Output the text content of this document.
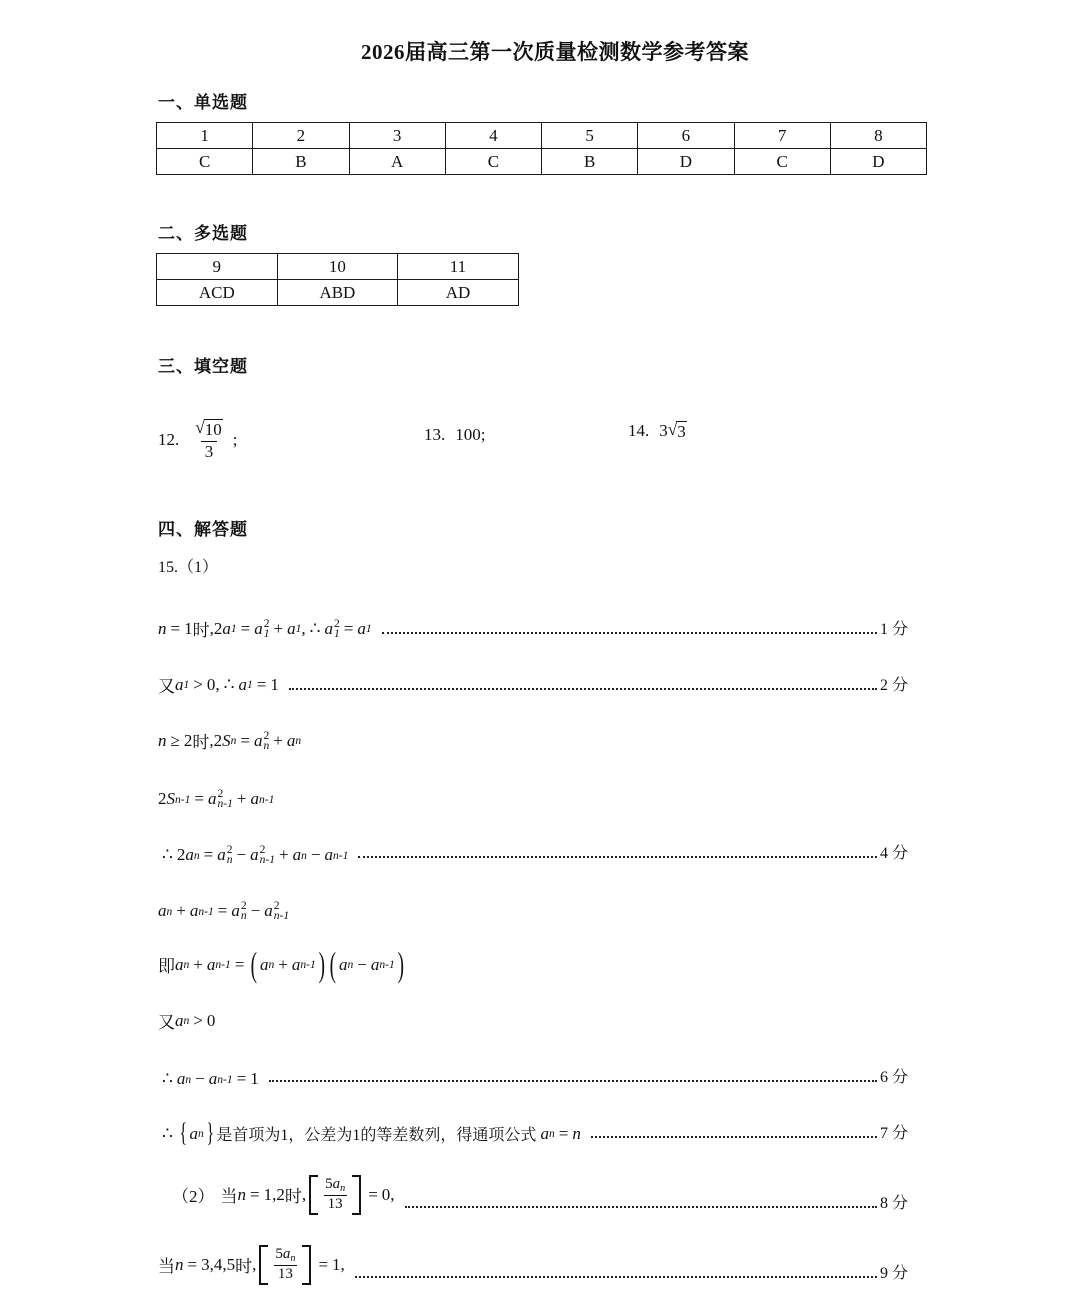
2026届高三第一次质量检测数学参考答案
一、单选题
1	2	3	4	5	6	7	8
C	B	A	C	B	D	C	D
二、多选题
9	10	11
ACD	ABD	AD
三、填空题
12. $\frac{√ 10}{3}$ ;	13. 100;	14. 3 √ 3
四、解答题
15.（1）
n = 1 时 , 2 a 1 = a 2
1 + a 1 , ∴ a 2
1 = a 1	1 分
又 a 1 > 0 , ∴ a 1 = 1	2 分
n ≥ 2 时 , 2 S n = a 2
n + a n
2 S n-1 = a 2
n-1 + a n-1
∴ 2 a n = a 2
n − a 2
n-1 + a n − a n-1	4 分
a n + a n-1 = a 2
n − a 2
n-1
即 a n + a n-1 = ( a n + a n-1 ) ( a n − a n-1 )
又 a n > 0
∴ a n − a n-1 = 1	6 分
∴ { a n } 是首项为1，公差为1的等差数列，得通项公式 a n = n	7 分
（2） 当 n = 1,2 时 , $\frac{5a_n}{13} = 0$,	8 分
当 n = 3,4,5 时 , $\frac{5a_n}{13} = 1$,	9 分
